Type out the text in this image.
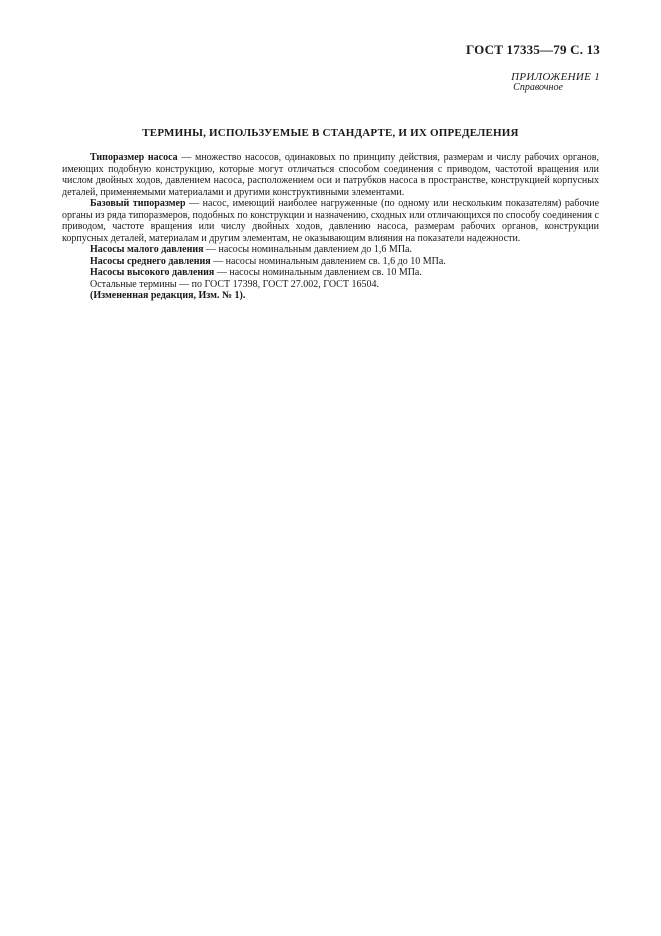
ГОСТ 17335—79 С. 13
ПРИЛОЖЕНИЕ 1
Справочное
ТЕРМИНЫ, ИСПОЛЬЗУЕМЫЕ В СТАНДАРТЕ, И ИХ ОПРЕДЕЛЕНИЯ

Типоразмер насоса — множество насосов, одинаковых по принципу действия, размерам и числу рабочих органов, имеющих подобную конструкцию, которые могут отличаться способом соединения с приводом, частотой вращения или числом двойных ходов, давлением насоса, расположением оси и патрубков насоса в пространстве, конструкцией корпусных деталей, применяемыми материалами и другими конструктивными элементами.

Базовый типоразмер — насос, имеющий наиболее нагруженные (по одному или нескольким показателям) рабочие органы из ряда типоразмеров, подобных по конструкции и назначению, сходных или отличающихся по способу соединения с приводом, частоте вращения или числу двойных ходов, давлению насоса, размерам рабочих органов, конструкции корпусных деталей, материалам и другим элементам, не оказывающим влияния на показатели надежности.

Насосы малого давления — насосы номинальным давлением до 1,6 МПа.

Насосы среднего давления — насосы номинальным давлением св. 1,6 до 10 МПа.

Насосы высокого давления — насосы номинальным давлением св. 10 МПа.

Остальные термины — по ГОСТ 17398, ГОСТ 27.002, ГОСТ 16504.

(Измененная редакция, Изм. № 1).
